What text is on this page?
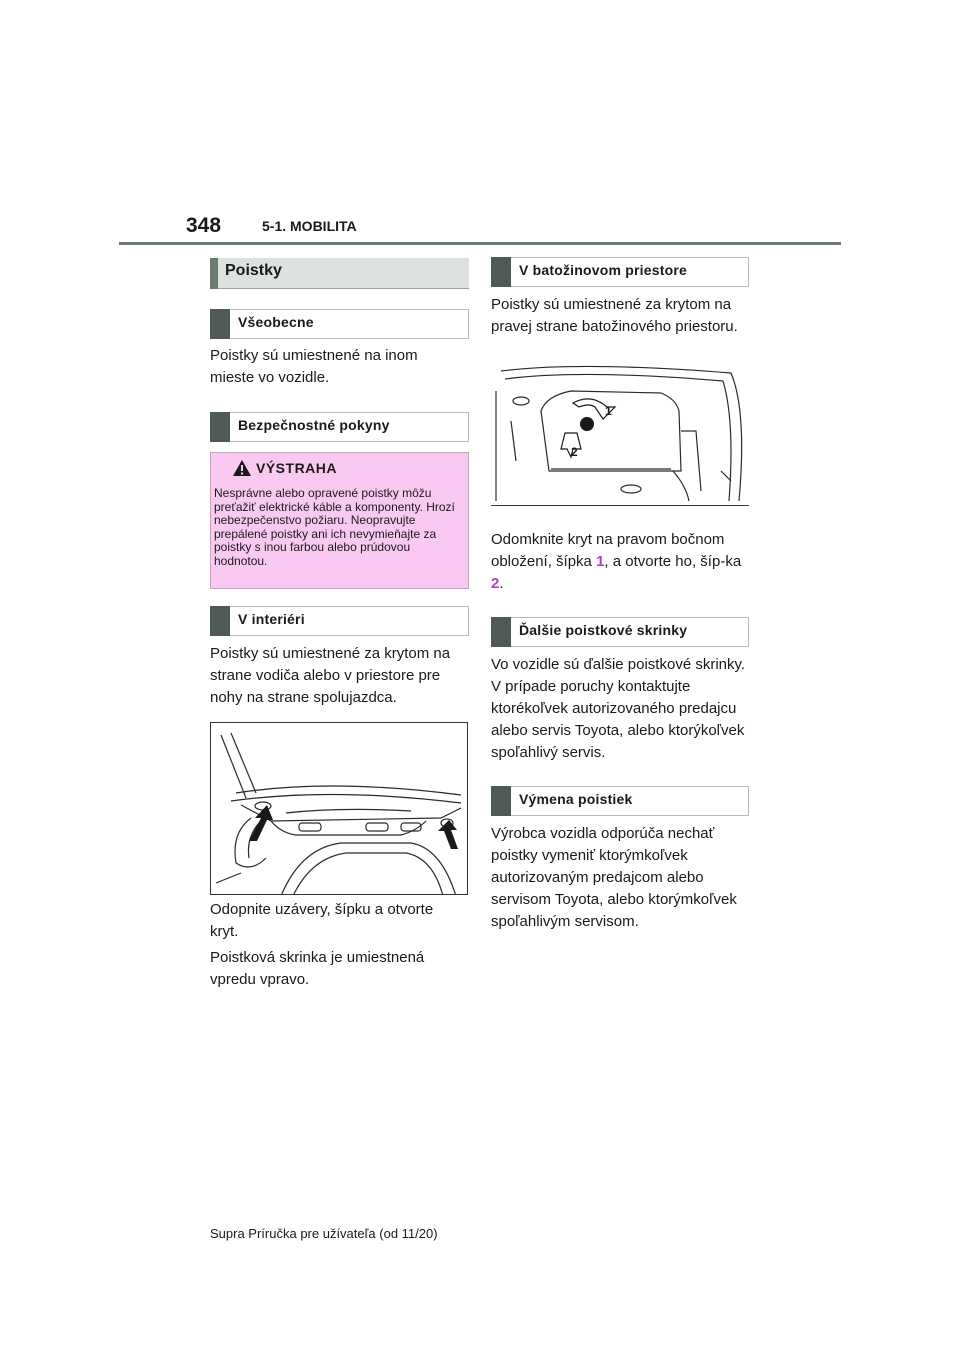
348	5-1. MOBILITA
Poistky
Všeobecne
Poistky sú umiestnené na inom mieste vo vozidle.
Bezpečnostné pokyny
VÝSTRAHA
Nesprávne alebo opravené poistky môžu preťažiť elektrické káble a komponenty. Hrozí nebezpečenstvo požiaru. Neopravujte prepálené poistky ani ich nevymieňajte za poistky s inou farbou alebo prúdovou hodnotou.
V interiéri
Poistky sú umiestnené za krytom na strane vodiča alebo v priestore pre nohy na strane spolujazdca.
Odopnite uzávery, šípku a otvorte kryt.
Poistková skrinka je umiestnená vpredu vpravo.
V batožinovom priestore
Poistky sú umiestnené za krytom na pravej strane batožinového priestoru.
1
2
Odomknite kryt na pravom bočnom obložení, šípka 1, a otvorte ho, šíp-ka 2.
Ďalšie poistkové skrinky
Vo vozidle sú ďalšie poistkové skrinky. V prípade poruchy kontaktujte ktorékoľvek autorizovaného predajcu alebo servis Toyota, alebo ktorýkoľvek spoľahlivý servis.
Výmena poistiek
Výrobca vozidla odporúča nechať poistky vymeniť ktorýmkoľvek autorizovaným predajcom alebo servisom Toyota, alebo ktorýmkoľvek spoľahlivým servisom.
Supra Príručka pre užívateľa (od 11/20)
